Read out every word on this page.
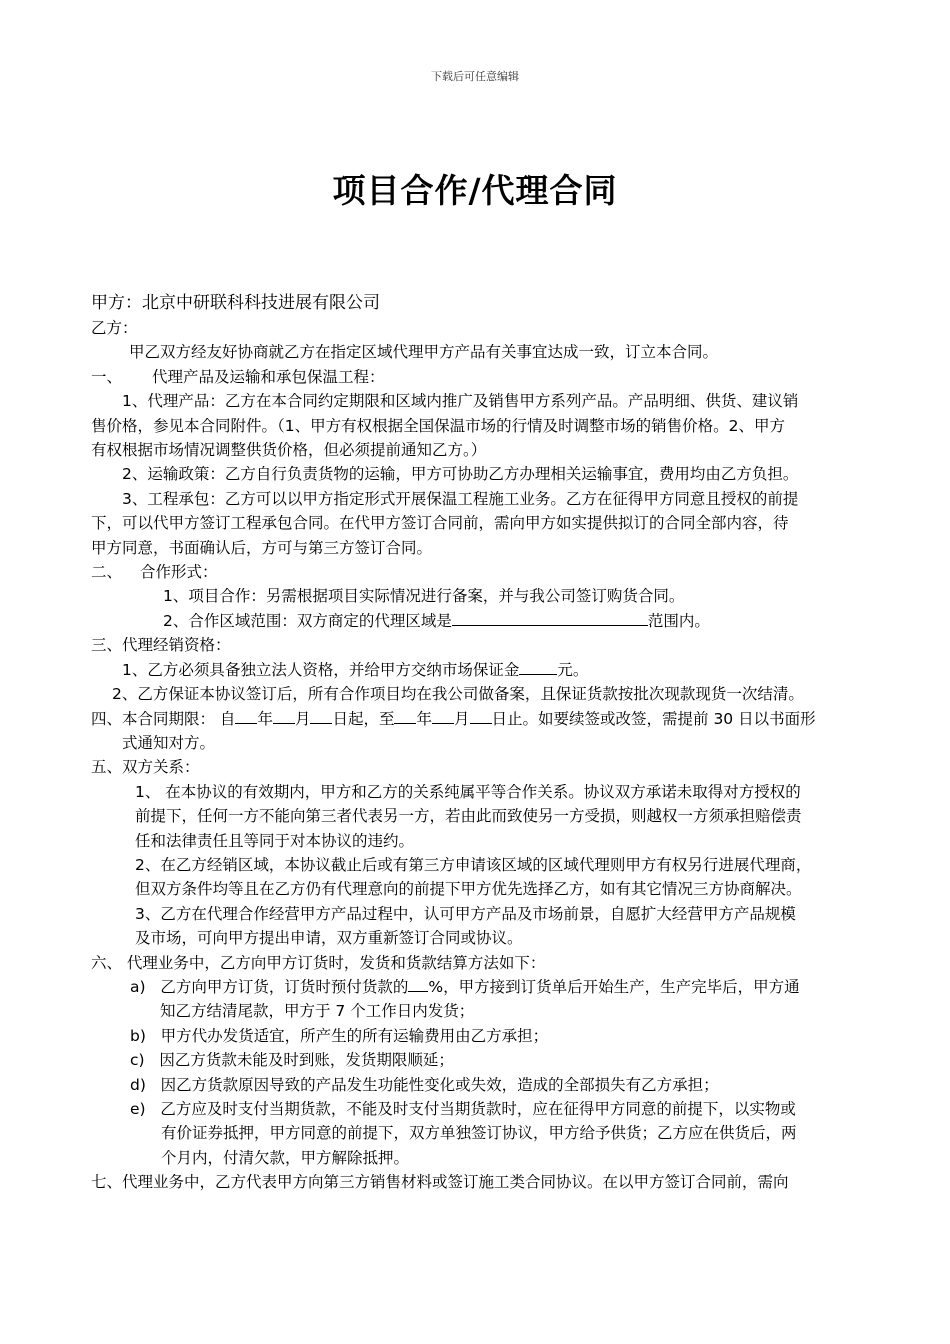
下载后可任意编辑
项目合作/代理合同
甲方：北京中研联科科技进展有限公司
乙方：
甲乙双方经友好协商就乙方在指定区域代理甲方产品有关事宜达成一致，订立本合同。
一、 代理产品及运输和承包保温工程：
1、代理产品：乙方在本合同约定期限和区域内推广及销售甲方系列产品。产品明细、供货、建议销
售价格，参见本合同附件。（1、甲方有权根据全国保温市场的行情及时调整市场的销售价格。2、甲方
有权根据市场情况调整供货价格，但必须提前通知乙方。）
2、运输政策：乙方自行负责货物的运输，甲方可协助乙方办理相关运输事宜，费用均由乙方负担。
3、工程承包：乙方可以以甲方指定形式开展保温工程施工业务。乙方在征得甲方同意且授权的前提
下，可以代甲方签订工程承包合同。在代甲方签订合同前，需向甲方如实提供拟订的合同全部内容，待
甲方同意，书面确认后，方可与第三方签订合同。
二、 合作形式：
1、项目合作：另需根据项目实际情况进行备案，并与我公司签订购货合同。
2、合作区域范围：双方商定的代理区域是	范围内。
三、代理经销资格：
1、乙方必须具备独立法人资格，并给甲方交纳市场保证金 元。
2、乙方保证本协议签订后，所有合作项目均在我公司做备案，且保证货款按批次现款现货一次结清。
四、本合同期限： 自 年 月 日起，至 年 月 日止。如要续签或改签，需提前 30 日以书面形
式通知对方。
五、双方关系：
1、 在本协议的有效期内，甲方和乙方的关系纯属平等合作关系。协议双方承诺未取得对方授权的
前提下，任何一方不能向第三者代表另一方，若由此而致使另一方受损，则越权一方须承担赔偿责
任和法律责任且等同于对本协议的违约。
2、在乙方经销区域，本协议截止后或有第三方申请该区域的区域代理则甲方有权另行进展代理商，
但双方条件均等且在乙方仍有代理意向的前提下甲方优先选择乙方，如有其它情况三方协商解决。
3、乙方在代理合作经营甲方产品过程中，认可甲方产品及市场前景，自愿扩大经营甲方产品规模
及市场，可向甲方提出申请，双方重新签订合同或协议。
六、 代理业务中，乙方向甲方订货时，发货和货款结算方法如下：
a) 乙方向甲方订货，订货时预付货款的 %，甲方接到订货单后开始生产，生产完毕后，甲方通
知乙方结清尾款，甲方于 7 个工作日内发货；
b) 甲方代办发货适宜，所产生的所有运输费用由乙方承担；
c) 因乙方货款未能及时到账，发货期限顺延；
d) 因乙方货款原因导致的产品发生功能性变化或失效，造成的全部损失有乙方承担；
e) 乙方应及时支付当期货款，不能及时支付当期货款时，应在征得甲方同意的前提下，以实物或
有价证券抵押，甲方同意的前提下，双方单独签订协议，甲方给予供货；乙方应在供货后，两
个月内，付清欠款，甲方解除抵押。
七、代理业务中，乙方代表甲方向第三方销售材料或签订施工类合同协议。在以甲方签订合同前，需向
